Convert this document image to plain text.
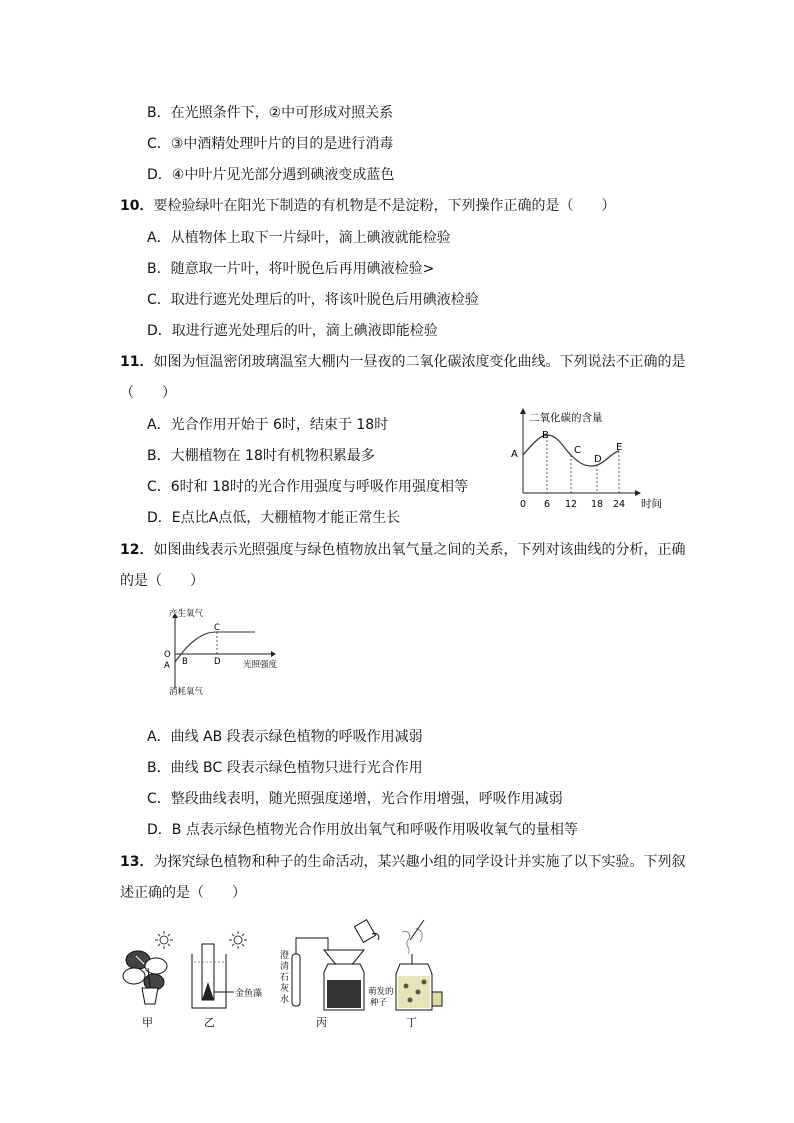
B．在光照条件下，②中可形成对照关系
C．③中酒精处理叶片的目的是进行消毒
D．④中叶片见光部分遇到碘液变成蓝色
10．要检验绿叶在阳光下制造的有机物是不是淀粉，下列操作正确的是（　　）
A．从植物体上取下一片绿叶，滴上碘液就能检验
B．随意取一片叶，将叶脱色后再用碘液检验>
C．取进行遮光处理后的叶，将该叶脱色后用碘液检验
D．取进行遮光处理后的叶，滴上碘液即能检验
11．如图为恒温密闭玻璃温室大棚内一昼夜的二氧化碳浓度变化曲线。下列说法不正确的是
（　　）
A．光合作用开始于 6时，结束于 18时
B．大棚植物在 18时有机物积累最多
C．6时和 18时的光合作用强度与呼吸作用强度相等
D．E点比A点低，大棚植物才能正常生长
二氧化碳的含量
时间
A
B
C
D
E
0 6 12 18 24
12．如图曲线表示光照强度与绿色植物放出氧气量之间的关系，下列对该曲线的分析，正确
的是（　　）
产生氧气
消耗氧气
光照强度
O
A B
C
D
A．曲线 AB 段表示绿色植物的呼吸作用减弱
B．曲线 BC 段表示绿色植物只进行光合作用
C．整段曲线表明，随光照强度递增，光合作用增强，呼吸作用减弱
D．B 点表示绿色植物光合作用放出氧气和呼吸作用吸收氧气的量相等
13．为探究绿色植物和种子的生命活动，某兴趣小组的同学设计并实施了以下实验。下列叙
述正确的是（　　）
金鱼藻
澄
清
石
灰
水
萌发的
种子
甲	乙	丙	丁
